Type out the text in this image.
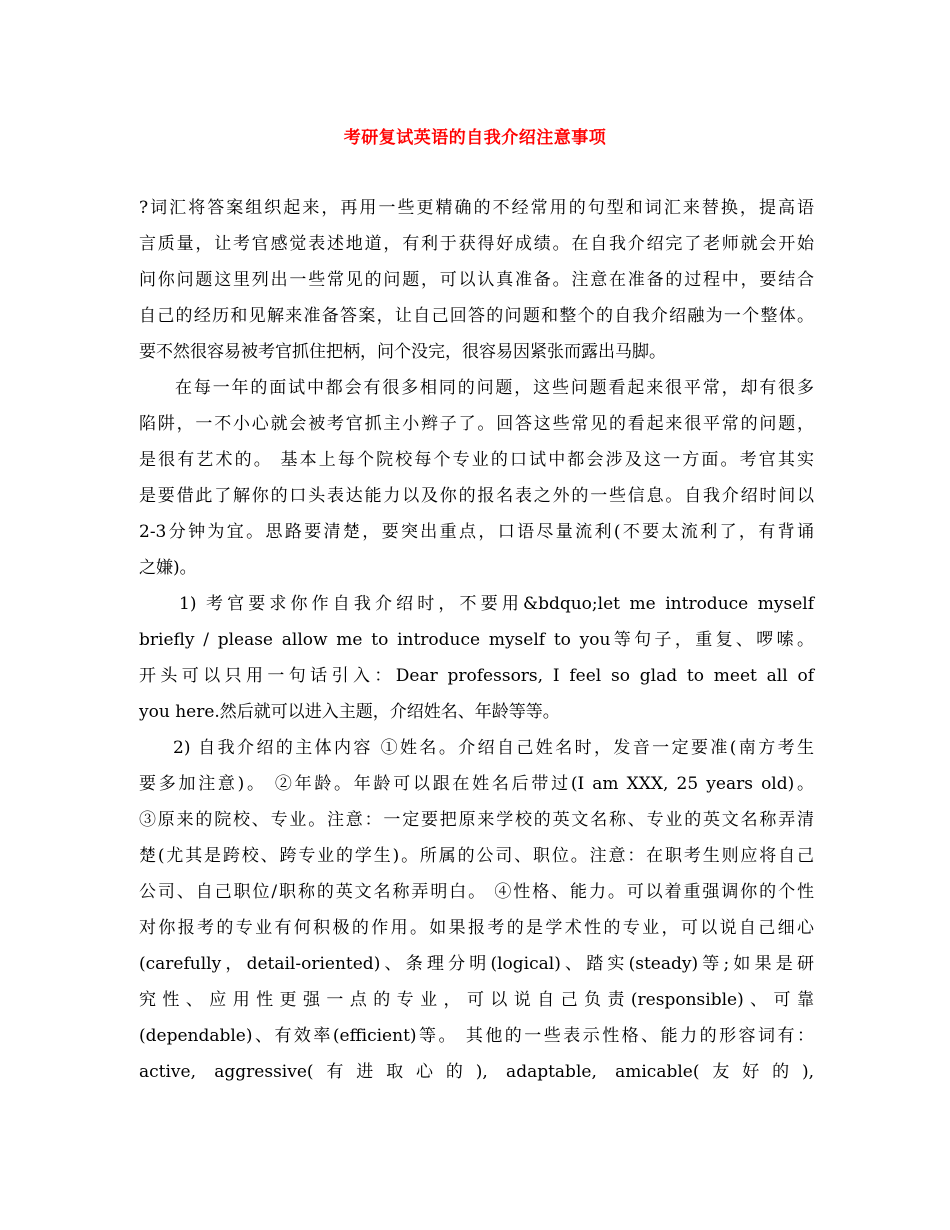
考研复试英语的自我介绍注意事项
?词汇将答案组织起来，再用一些更精确的不经常用的句型和词汇来替换，提高语
言质量，让考官感觉表述地道，有利于获得好成绩。在自我介绍完了老师就会开始
问你问题这里列出一些常见的问题，可以认真准备。注意在准备的过程中，要结合
自己的经历和见解来准备答案，让自己回答的问题和整个的自我介绍融为一个整体。
要不然很容易被考官抓住把柄，问个没完，很容易因紧张而露出马脚。
在每一年的面试中都会有很多相同的问题，这些问题看起来很平常，却有很多
陷阱，一不小心就会被考官抓主小辫子了。回答这些常见的看起来很平常的问题，
是很有艺术的。 基本上每个院校每个专业的口试中都会涉及这一方面。考官其实
是要借此了解你的口头表达能力以及你的报名表之外的一些信息。自我介绍时间以
2-3分钟为宜。思路要清楚，要突出重点，口语尽量流利(不要太流利了，有背诵
之嫌)。
1) 考官要求你作自我介绍时，不要用&bdquo;let me introduce myself
briefly / please allow me to introduce myself to you等句子，重复、啰嗦。
开头可以只用一句话引入：Dear professors, I feel so glad to meet all of
you here.然后就可以进入主题，介绍姓名、年龄等等。
2) 自我介绍的主体内容 ①姓名。介绍自己姓名时，发音一定要准(南方考生
要多加注意)。 ②年龄。年龄可以跟在姓名后带过(I am XXX, 25 years old)。
③原来的院校、专业。注意：一定要把原来学校的英文名称、专业的英文名称弄清
楚(尤其是跨校、跨专业的学生)。所属的公司、职位。注意：在职考生则应将自己
公司、自己职位/职称的英文名称弄明白。 ④性格、能力。可以着重强调你的个性
对你报考的专业有何积极的作用。如果报考的是学术性的专业，可以说自己细心
(carefully，detail-oriented)、条理分明(logical)、踏实(steady)等;如果是研
究性、应用性更强一点的专业，可以说自己负责(responsible)、可靠
(dependable)、有效率(efficient)等。 其他的一些表示性格、能力的形容词有：
active, aggressive(有进取心的), adaptable, amicable(友好的),
